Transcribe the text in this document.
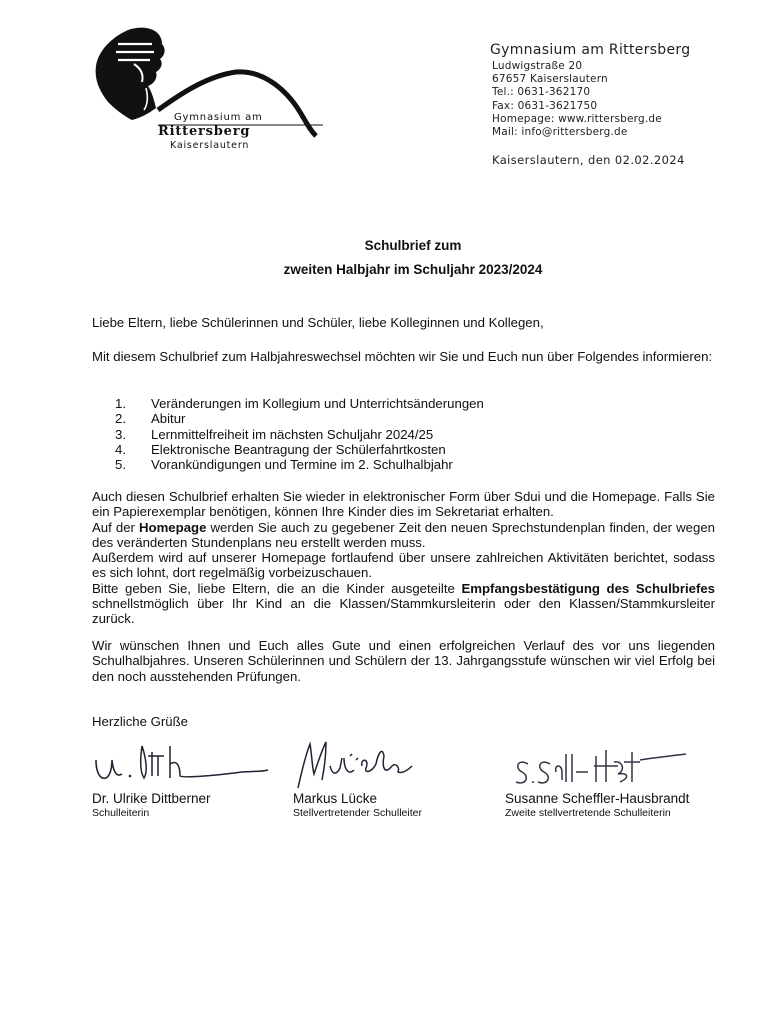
Gymnasium am
Rittersberg
Kaiserslautern
Gymnasium am Rittersberg
Ludwigstraße 20
67657 Kaiserslautern
Tel.: 0631-362170
Fax: 0631-3621750
Homepage: www.rittersberg.de
Mail: info@rittersberg.de
Kaiserslautern, den 02.02.2024
Schulbrief zum
zweiten Halbjahr im Schuljahr 2023/2024
Liebe Eltern, liebe Schülerinnen und Schüler, liebe Kolleginnen und Kollegen,
Mit diesem Schulbrief zum Halbjahreswechsel möchten wir Sie und Euch nun über Folgendes informieren:
1.	Veränderungen im Kollegium und Unterrichtsänderungen
2.	Abitur
3.	Lernmittelfreiheit im nächsten Schuljahr 2024/25
4.	Elektronische Beantragung der Schülerfahrtkosten
5.	Vorankündigungen und Termine im 2. Schulhalbjahr
Auch diesen Schulbrief erhalten Sie wieder in elektronischer Form über Sdui und die Homepage. Falls Sie ein Papierexemplar benötigen, können Ihre Kinder dies im Sekretariat erhalten.
Auf der Homepage werden Sie auch zu gegebener Zeit den neuen Sprechstundenplan finden, der wegen des veränderten Stundenplans neu erstellt werden muss.
Außerdem wird auf unserer Homepage fortlaufend über unsere zahlreichen Aktivitäten berichtet, sodass es sich lohnt, dort regelmäßig vorbeizuschauen.
Bitte geben Sie, liebe Eltern, die an die Kinder ausgeteilte Empfangsbestätigung des Schulbriefes schnellstmöglich über Ihr Kind an die Klassen/Stammkursleiterin oder den Klassen/Stammkursleiter zurück.
Wir wünschen Ihnen und Euch alles Gute und einen erfolgreichen Verlauf des vor uns liegenden Schulhalbjahres. Unseren Schülerinnen und Schülern der 13. Jahrgangsstufe wünschen wir viel Erfolg bei den noch ausstehenden Prüfungen.
Herzliche Grüße
Dr. Ulrike Dittberner
Schulleiterin
Markus Lücke
Stellvertretender Schulleiter
Susanne Scheffler-Hausbrandt
Zweite stellvertretende Schulleiterin
